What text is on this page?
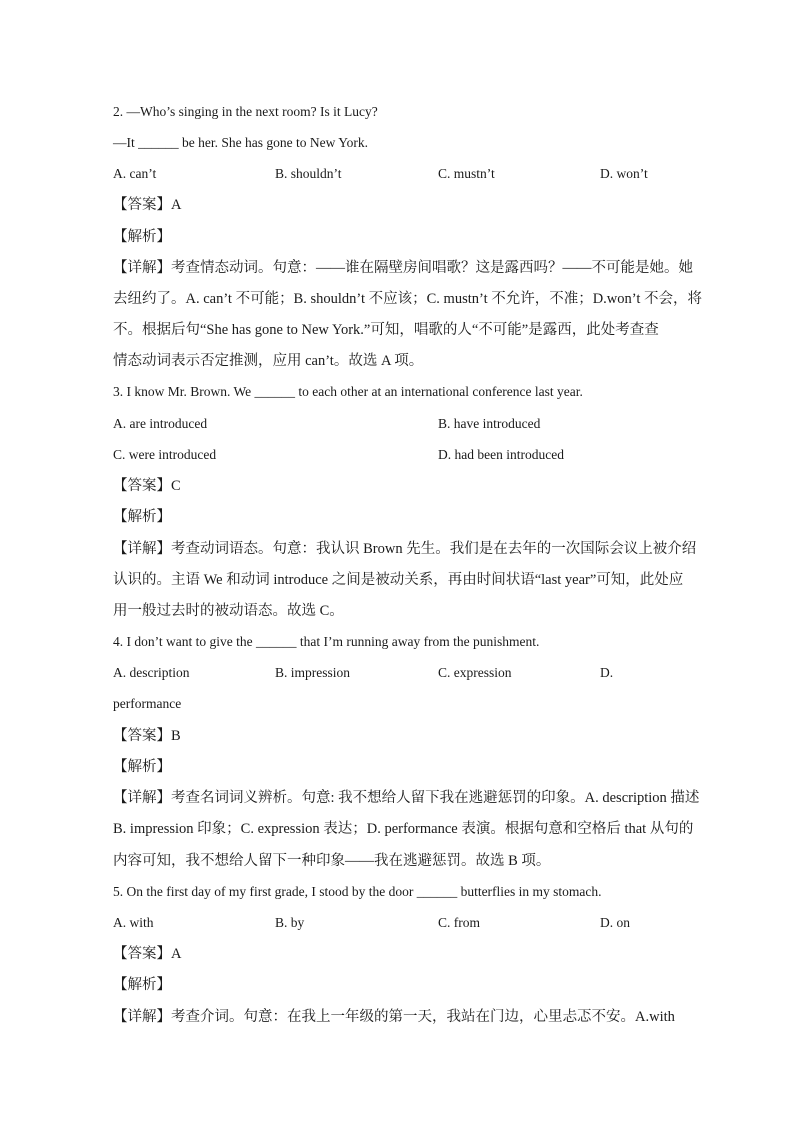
2. —Who’s singing in the next room? Is it Lucy?
—It ______ be her. She has gone to New York.
A. can’t	B. shouldn’t	C. mustn’t	D. won’t
【答案】A
【解析】
【详解】考查情态动词。句意：——谁在隔壁房间唱歌？这是露西吗？——不可能是她。她
去纽约了。A. can’t 不可能；B. shouldn’t 不应该；C. mustn’t 不允许，不准；D.won’t 不会，将
不。根据后句“She has gone to New York.”可知，唱歌的人“不可能”是露西，此处考查查
情态动词表示否定推测，应用 can’t。故选 A 项。
3. I know Mr. Brown. We ______ to each other at an international conference last year.
A. are introduced	B. have introduced
C. were introduced	D. had been introduced
【答案】C
【解析】
【详解】考查动词语态。句意：我认识 Brown 先生。我们是在去年的一次国际会议上被介绍
认识的。主语 We 和动词 introduce 之间是被动关系，再由时间状语“last year”可知，此处应
用一般过去时的被动语态。故选 C。
4. I don’t want to give the ______ that I’m running away from the punishment.
A. description	B. impression	C. expression	D.
performance
【答案】B
【解析】
【详解】考查名词词义辨析。句意: 我不想给人留下我在逃避惩罚的印象。A. description 描述
B. impression 印象；C. expression 表达；D. performance 表演。根据句意和空格后 that 从句的
内容可知，我不想给人留下一种印象——我在逃避惩罚。故选 B 项。
5. On the first day of my first grade, I stood by the door ______ butterflies in my stomach.
A. with	B. by	C. from	D. on
【答案】A
【解析】
【详解】考查介词。句意：在我上一年级的第一天，我站在门边，心里忐忑不安。A.with
